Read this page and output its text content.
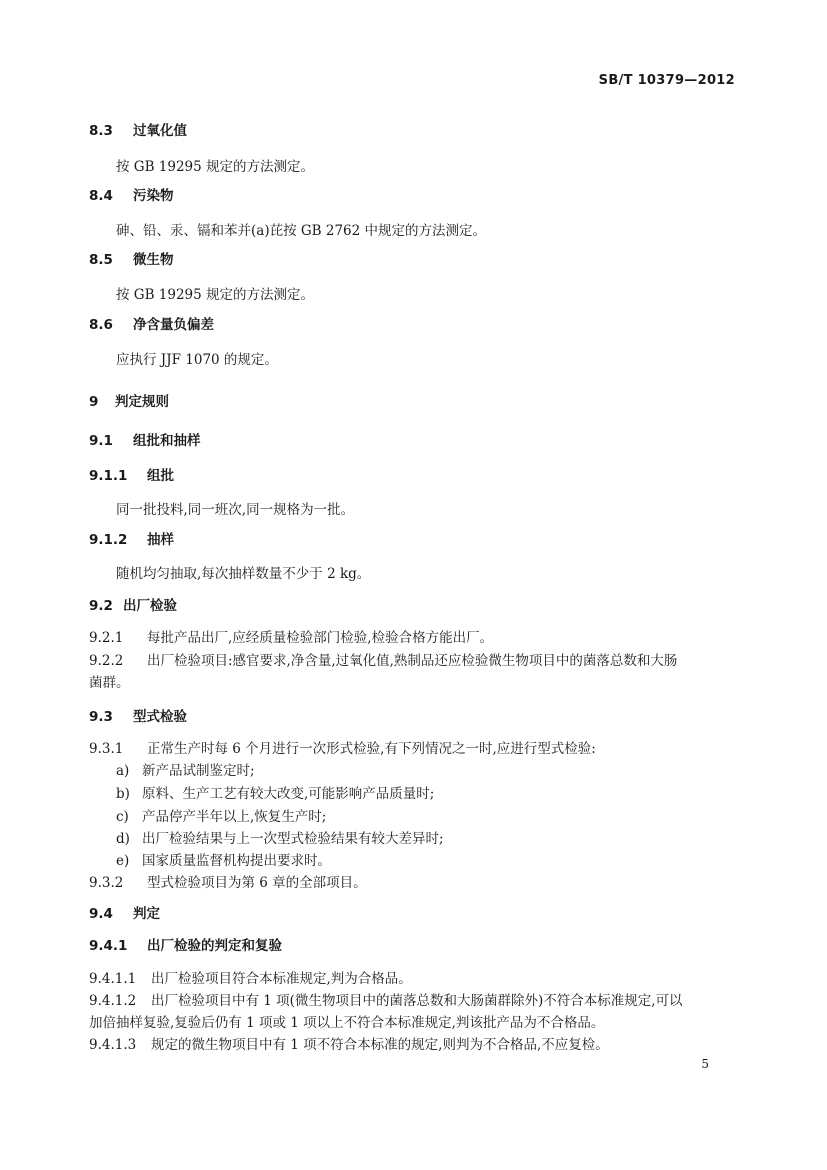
SB/T 10379—2012
8.3 过氧化值
按 GB 19295 规定的方法测定。
8.4 污染物
砷、铅、汞、镉和苯并(a)芘按 GB 2762 中规定的方法测定。
8.5 微生物
按 GB 19295 规定的方法测定。
8.6 净含量负偏差
应执行 JJF 1070 的规定。
9 判定规则
9.1 组批和抽样
9.1.1 组批
同一批投料,同一班次,同一规格为一批。
9.1.2 抽样
随机均匀抽取,每次抽样数量不少于 2 kg。
9.2 出厂检验
9.2.1 每批产品出厂,应经质量检验部门检验,检验合格方能出厂。
9.2.2 出厂检验项目:感官要求,净含量,过氧化值,熟制品还应检验微生物项目中的菌落总数和大肠
菌群。
9.3 型式检验
9.3.1 正常生产时每 6 个月进行一次形式检验,有下列情况之一时,应进行型式检验:
a) 新产品试制鉴定时;
b) 原料、生产工艺有较大改变,可能影响产品质量时;
c) 产品停产半年以上,恢复生产时;
d) 出厂检验结果与上一次型式检验结果有较大差异时;
e) 国家质量监督机构提出要求时。
9.3.2 型式检验项目为第 6 章的全部项目。
9.4 判定
9.4.1 出厂检验的判定和复验
9.4.1.1 出厂检验项目符合本标准规定,判为合格品。
9.4.1.2 出厂检验项目中有 1 项(微生物项目中的菌落总数和大肠菌群除外)不符合本标准规定,可以
加倍抽样复验,复验后仍有 1 项或 1 项以上不符合本标准规定,判该批产品为不合格品。
9.4.1.3 规定的微生物项目中有 1 项不符合本标准的规定,则判为不合格品,不应复检。
5
